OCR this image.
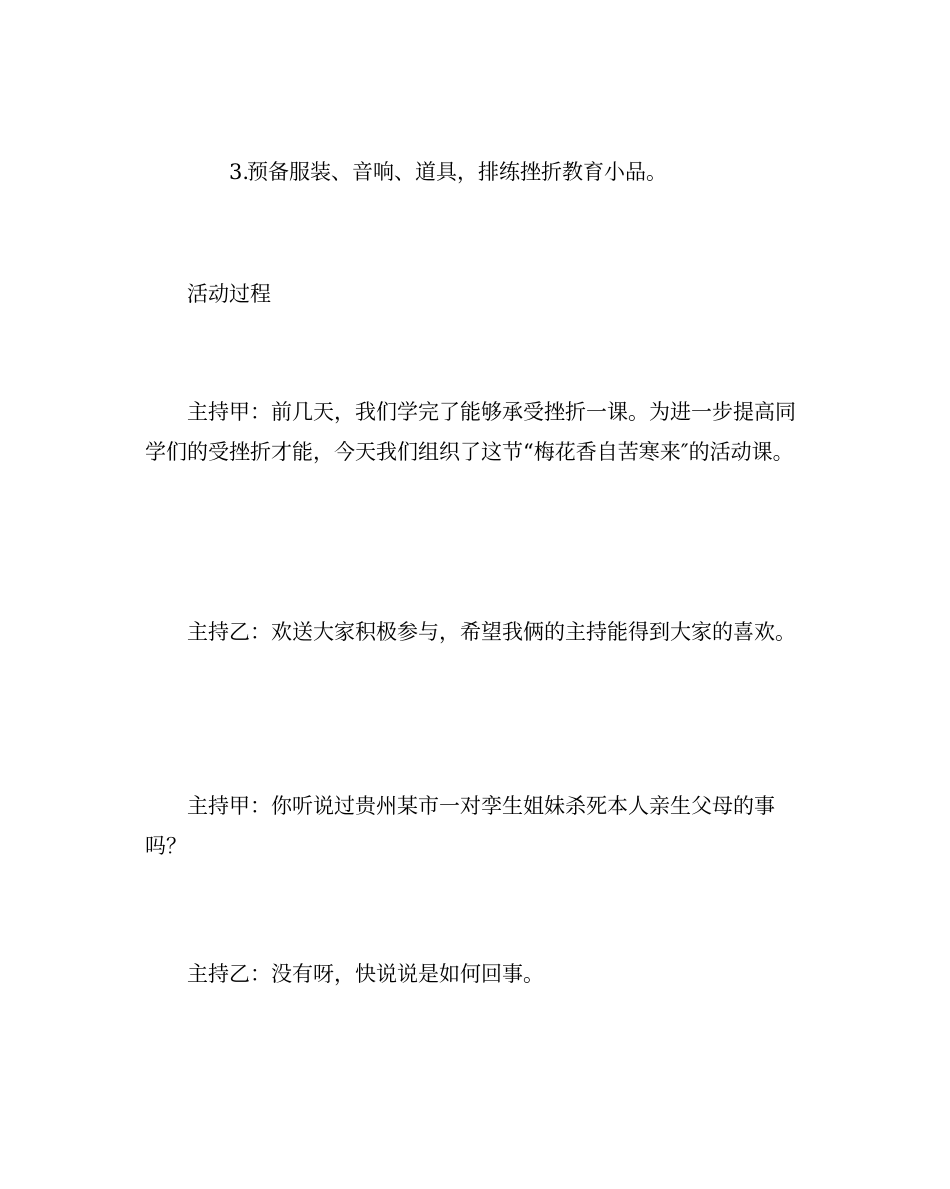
3.预备服装、音响、道具，排练挫折教育小品。

活动过程

主持甲：前几天，我们学完了能够承受挫折一课。为进一步提高同学们的受挫折才能，今天我们组织了这节“梅花香自苦寒来″的活动课。

主持乙：欢送大家积极参与，希望我俩的主持能得到大家的喜欢。

主持甲：你听说过贵州某市一对孪生姐妹杀死本人亲生父母的事吗？

主持乙：没有呀，快说说是如何回事。
